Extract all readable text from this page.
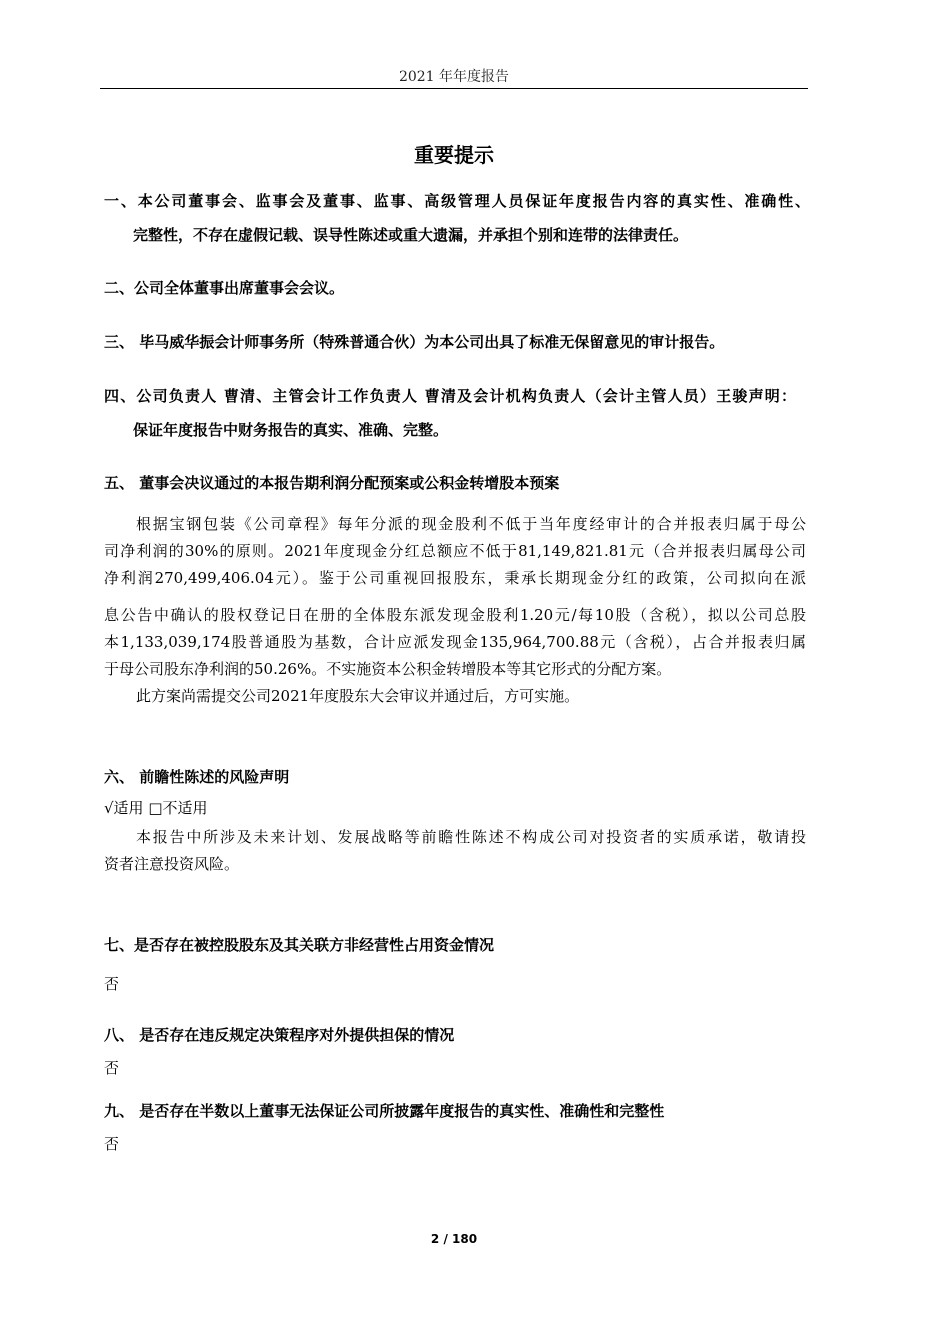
2021 年年度报告
重要提示
一、本公司董事会、监事会及董事、监事、高级管理人员保证年度报告内容的真实性、准确性、
完整性，不存在虚假记载、误导性陈述或重大遗漏，并承担个别和连带的法律责任。
二、公司全体董事出席董事会会议。
三、 毕马威华振会计师事务所（特殊普通合伙）为本公司出具了标准无保留意见的审计报告。
四、公司负责人 曹清、主管会计工作负责人 曹清及会计机构负责人（会计主管人员）王骏声明：
保证年度报告中财务报告的真实、准确、完整。
五、 董事会决议通过的本报告期利润分配预案或公积金转增股本预案
根据宝钢包装《公司章程》每年分派的现金股利不低于当年度经审计的合并报表归属于母公
司净利润的30%的原则。2021年度现金分红总额应不低于81,149,821.81元（合并报表归属母公司
净利润270,499,406.04元）。鉴于公司重视回报股东，秉承长期现金分红的政策，公司拟向在派
息公告中确认的股权登记日在册的全体股东派发现金股利1.20元/每10股（含税），拟以公司总股
本1,133,039,174股普通股为基数，合计应派发现金135,964,700.88元（含税），占合并报表归属
于母公司股东净利润的50.26%。不实施资本公积金转增股本等其它形式的分配方案。
此方案尚需提交公司2021年度股东大会审议并通过后，方可实施。
六、 前瞻性陈述的风险声明
√适用 □不适用
本报告中所涉及未来计划、发展战略等前瞻性陈述不构成公司对投资者的实质承诺，敬请投
资者注意投资风险。
七、是否存在被控股股东及其关联方非经营性占用资金情况
否
八、 是否存在违反规定决策程序对外提供担保的情况
否
九、 是否存在半数以上董事无法保证公司所披露年度报告的真实性、准确性和完整性
否
2 / 180
